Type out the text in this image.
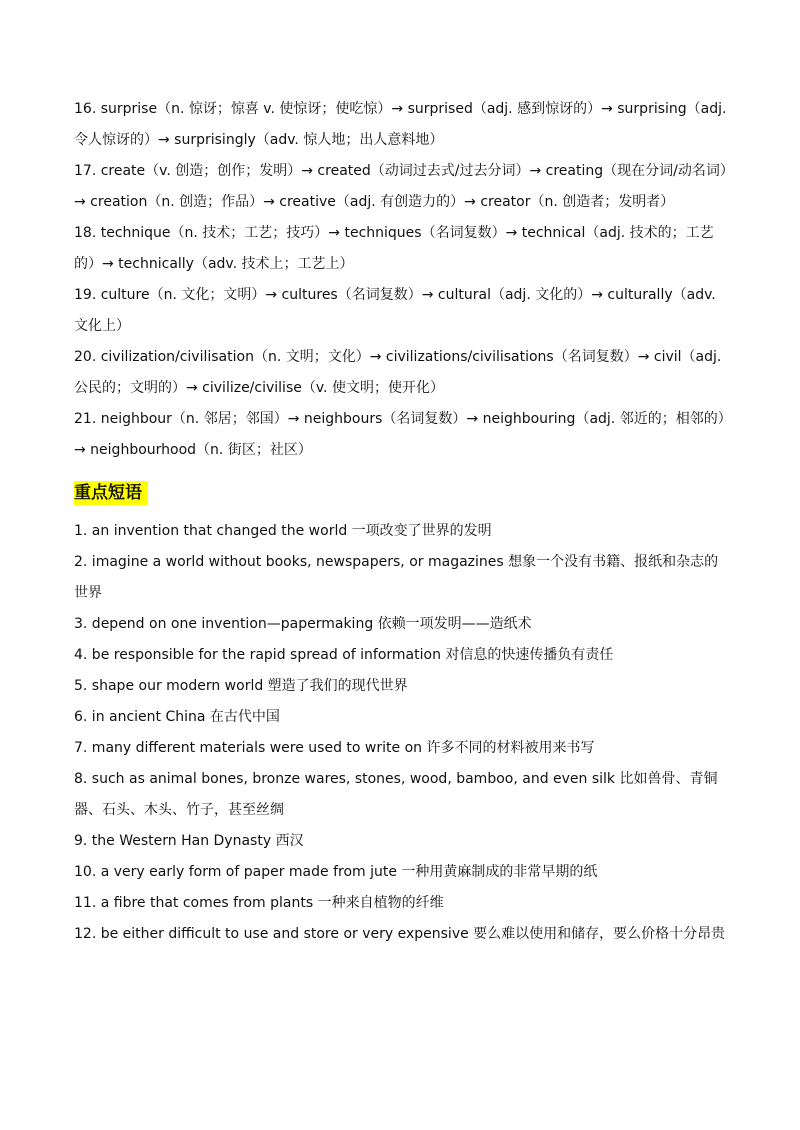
16. surprise（n. 惊讶；惊喜 v. 使惊讶；使吃惊）→ surprised（adj. 感到惊讶的）→ surprising（adj. 令人惊讶的）→ surprisingly（adv. 惊人地；出人意料地）

17. create（v. 创造；创作；发明）→ created（动词过去式/过去分词）→ creating（现在分词/动名词）→ creation（n. 创造；作品）→ creative（adj. 有创造力的）→ creator（n. 创造者；发明者）

18. technique（n. 技术；工艺；技巧）→ techniques（名词复数）→ technical（adj. 技术的；工艺的）→ technically（adv. 技术上；工艺上）

19. culture（n. 文化；文明）→ cultures（名词复数）→ cultural（adj. 文化的）→ culturally（adv. 文化上）

20. civilization/civilisation（n. 文明；文化）→ civilizations/civilisations（名词复数）→ civil（adj. 公民的；文明的）→ civilize/civilise（v. 使文明；使开化）

21. neighbour（n. 邻居；邻国）→ neighbours（名词复数）→ neighbouring（adj. 邻近的；相邻的）→ neighbourhood（n. 街区；社区）

重点短语

1. an invention that changed the world 一项改变了世界的发明

2. imagine a world without books, newspapers, or magazines 想象一个没有书籍、报纸和杂志的世界

3. depend on one invention—papermaking 依赖一项发明——造纸术

4. be responsible for the rapid spread of information 对信息的快速传播负有责任

5. shape our modern world 塑造了我们的现代世界

6. in ancient China 在古代中国

7. many different materials were used to write on 许多不同的材料被用来书写

8. such as animal bones, bronze wares, stones, wood, bamboo, and even silk 比如兽骨、青铜器、石头、木头、竹子，甚至丝绸

9. the Western Han Dynasty 西汉

10. a very early form of paper made from jute 一种用黄麻制成的非常早期的纸

11. a fibre that comes from plants 一种来自植物的纤维

12. be either difficult to use and store or very expensive 要么难以使用和储存，要么价格十分昂贵
